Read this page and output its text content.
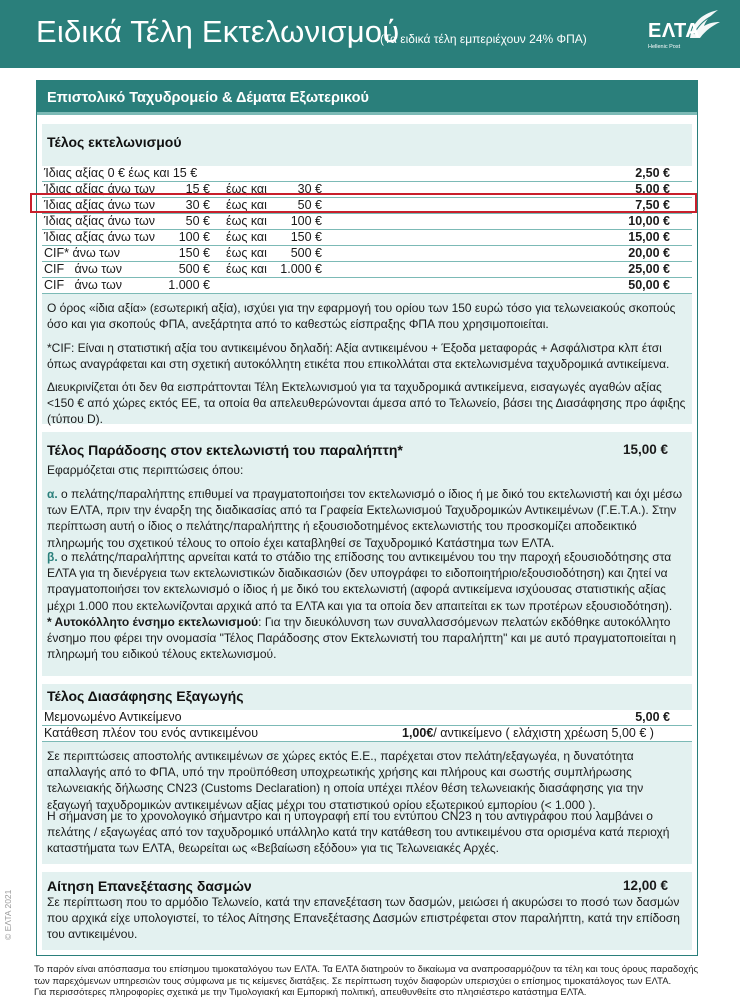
Ειδικά Τέλη Εκτελωνισμού
(Τα ειδικά τέλη εμπεριέχουν 24% ΦΠΑ)	ΕΛΤΑ
Hellenic Post
Επιστολικό Ταχυδρομείο & Δέματα Εξωτερικού
Τέλος εκτελωνισμού
Ίδιας αξίας 0 € έως και 15 €	2,50 €
Ίδιας αξίας άνω των	15 € έως και	30 €	5,00 €
Ίδιας αξίας άνω των	30 € έως και	50 €	7,50 €
Ίδιας αξίας άνω των	50 € έως και	100 €	10,00 €
Ίδιας αξίας άνω των	100 € έως και	150 €	15,00 €
CIF* άνω των	150 € έως και	500 €	20,00 €
CIF   άνω των	500 € έως και	1.000 €	25,00 €
CIF   άνω των	1.000 €	50,00 €
Ο όρος «ίδια αξία» (εσωτερική αξία), ισχύει για την εφαρμογή του ορίου των 150 ευρώ τόσο για τελωνειακούς σκοπούς όσο και για σκοπούς ΦΠΑ, ανεξάρτητα από το καθεστώς είσπραξης ΦΠΑ που χρησιμοποιείται.
*CIF: Είναι η στατιστική αξία του αντικειμένου δηλαδή: Αξία αντικειμένου + Έξοδα μεταφοράς + Ασφάλιστρα κλπ έτσι όπως αναγράφεται και στη σχετική αυτοκόλλητη ετικέτα που επικολλάται στα εκτελωνισμένα ταχυδρομικά αντικείμενα.
Διευκρινίζεται ότι δεν θα εισπράττονται Τέλη Εκτελωνισμού για τα ταχυδρομικά αντικείμενα, εισαγωγές αγαθών αξίας <150 € από χώρες εκτός ΕΕ, τα οποία θα απελευθερώνονται άμεσα από το Τελωνείο, βάσει της Διασάφησης προ άφιξης (τύπου D).
Τέλος Παράδοσης στον εκτελωνιστή του παραλήπτη*	15,00 €
Εφαρμόζεται στις περιπτώσεις όπου:
α. ο πελάτης/παραλήπτης επιθυμεί να πραγματοποιήσει τον εκτελωνισμό ο ίδιος ή με δικό του εκτελωνιστή και όχι μέσω των ΕΛΤΑ, πριν την έναρξη της διαδικασίας από τα Γραφεία Εκτελωνισμού Ταχυδρομικών Αντικειμένων (Γ.Ε.Τ.Α.). Στην περίπτωση αυτή ο ίδιος ο πελάτης/παραλήπτης ή εξουσιοδοτημένος εκτελωνιστής του προσκομίζει αποδεικτικό πληρωμής του σχετικού τέλους το οποίο έχει καταβληθεί σε Ταχυδρομικό Κατάστημα των ΕΛΤΑ.
β. ο πελάτης/παραλήπτης αρνείται κατά το στάδιο της επίδοσης του αντικειμένου του την παροχή εξουσιοδότησης στα ΕΛΤΑ για τη διενέργεια των εκτελωνιστικών διαδικασιών (δεν υπογράφει το ειδοποιητήριο/εξουσιοδότηση) και ζητεί να πραγματοποιήσει τον εκτελωνισμό ο ίδιος ή με δικό του εκτελωνιστή (αφορά αντικείμενα ισχύουσας στατιστικής αξίας μέχρι 1.000 που εκτελωνίζονται αρχικά από τα ΕΛΤΑ και για τα οποία δεν απαιτείται εκ των προτέρων εξουσιοδότηση).
* Αυτοκόλλητο ένσημο εκτελωνισμού: Για την διευκόλυνση των συναλλασσόμενων πελατών εκδόθηκε αυτοκόλλητο ένσημο που φέρει την ονομασία "Τέλος Παράδοσης στον Εκτελωνιστή του παραλήπτη" και με αυτό πραγματοποιείται η πληρωμή του ειδικού τέλους εκτελωνισμού.
Τέλος Διασάφησης Εξαγωγής
Μεμονωμένο Αντικείμενο	5,00 €
Κατάθεση πλέον του ενός αντικειμένου	1,00€ / αντικείμενο ( ελάχιστη χρέωση 5,00 € )
Σε περιπτώσεις αποστολής αντικειμένων σε χώρες εκτός Ε.Ε., παρέχεται στον πελάτη/εξαγωγέα, η δυνατότητα απαλλαγής από το ΦΠΑ, υπό την προϋπόθεση υποχρεωτικής χρήσης και πλήρους και σωστής συμπλήρωσης τελωνειακής δήλωσης CN23 (Customs Declaration) η οποία υπέχει πλέον θέση τελωνειακής διασάφησης για την εξαγωγή ταχυδρομικών αντικειμένων αξίας μέχρι του στατιστικού ορίου εξωτερικού εμπορίου (< 1.000 ).
Η σήμανση με το χρονολογικό σήμαντρο και η υπογραφή επί του εντύπου CN23 η του αντιγράφου που λαμβάνει ο πελάτης / εξαγωγέας από τον ταχυδρομικό υπάλληλο κατά την κατάθεση του αντικειμένου στα ορισμένα κατά περιοχή καταστήματα των ΕΛΤΑ, θεωρείται ως «Βεβαίωση εξόδου» για τις Τελωνειακές Αρχές.
Αίτηση Επανεξέτασης δασμών	12,00 €
Σε περίπτωση που το αρμόδιο Τελωνείο, κατά την επανεξέταση των δασμών, μειώσει ή ακυρώσει το ποσό των δασμών που αρχικά είχε υπολογιστεί, το τέλος Αίτησης Επανεξέτασης Δασμών επιστρέφεται στον παραλήπτη, κατά την επίδοση του αντικειμένου.
© ΕΛΤΑ 2021
Το παρόν είναι απόσπασμα του επίσημου τιμοκαταλόγου των ΕΛΤΑ. Τα ΕΛΤΑ διατηρούν το δικαίωμα να αναπροσαρμόζουν τα τέλη και τους όρους παραδοχής
των παρεχόμενων υπηρεσιών τους σύμφωνα με τις κείμενες διατάξεις. Σε περίπτωση τυχόν διαφορών υπερισχύει ο επίσημος τιμοκατάλογος των ΕΛΤΑ.
Για περισσότερες πληροφορίες σχετικά με την Τιμολογιακή και Εμπορική πολιτική, απευθυνθείτε στο πλησιέστερο κατάστημα ΕΛΤΑ.
